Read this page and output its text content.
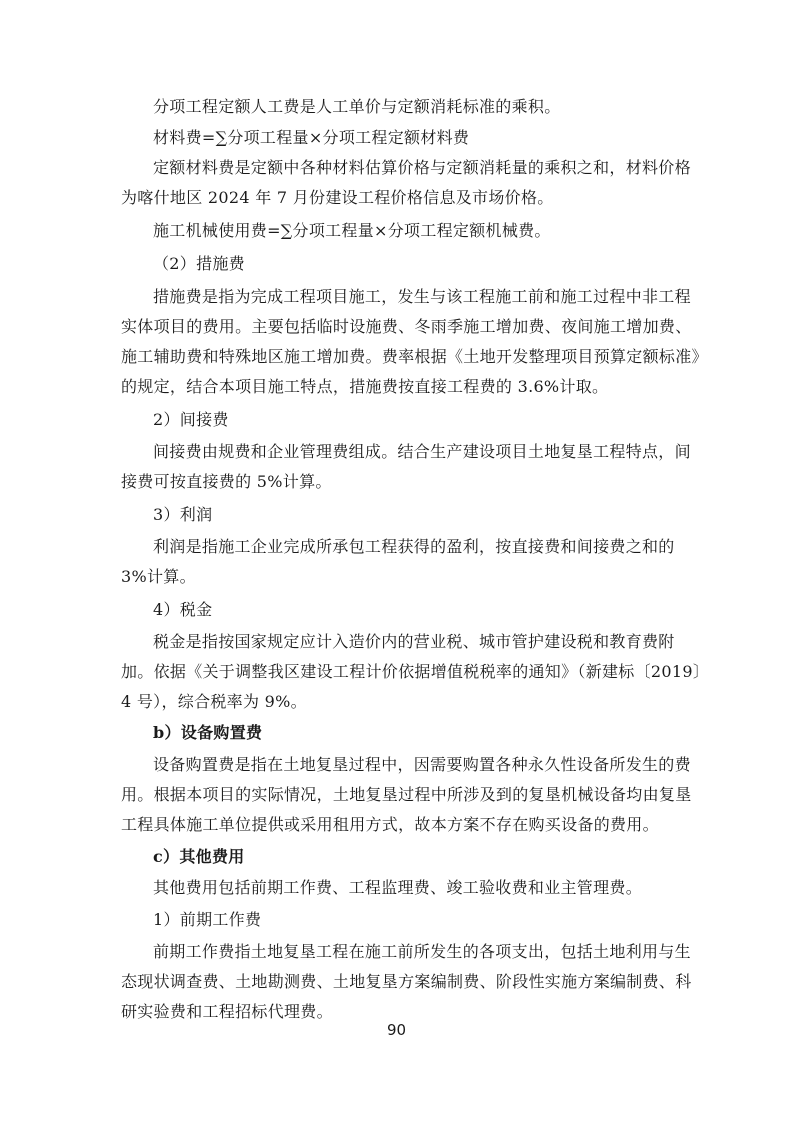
分项工程定额人工费是人工单价与定额消耗标准的乘积。
材料费=∑分项工程量×分项工程定额材料费
定额材料费是定额中各种材料估算价格与定额消耗量的乘积之和，材料价格
为喀什地区 2024 年 7 月份建设工程价格信息及市场价格。
施工机械使用费=∑分项工程量×分项工程定额机械费。
（2）措施费
措施费是指为完成工程项目施工，发生与该工程施工前和施工过程中非工程
实体项目的费用。主要包括临时设施费、冬雨季施工增加费、夜间施工增加费、
施工辅助费和特殊地区施工增加费。费率根据《土地开发整理项目预算定额标准》
的规定，结合本项目施工特点，措施费按直接工程费的 3.6%计取。
2）间接费
间接费由规费和企业管理费组成。结合生产建设项目土地复垦工程特点，间
接费可按直接费的 5%计算。
3）利润
利润是指施工企业完成所承包工程获得的盈利，按直接费和间接费之和的
3%计算。
4）税金
税金是指按国家规定应计入造价内的营业税、城市管护建设税和教育费附
加。依据《关于调整我区建设工程计价依据增值税税率的通知》（新建标〔2019〕
4 号），综合税率为 9%。
b）设备购置费
设备购置费是指在土地复垦过程中，因需要购置各种永久性设备所发生的费
用。根据本项目的实际情况，土地复垦过程中所涉及到的复垦机械设备均由复垦
工程具体施工单位提供或采用租用方式，故本方案不存在购买设备的费用。
c）其他费用
其他费用包括前期工作费、工程监理费、竣工验收费和业主管理费。
1）前期工作费
前期工作费指土地复垦工程在施工前所发生的各项支出，包括土地利用与生
态现状调查费、土地勘测费、土地复垦方案编制费、阶段性实施方案编制费、科
研实验费和工程招标代理费。
90
